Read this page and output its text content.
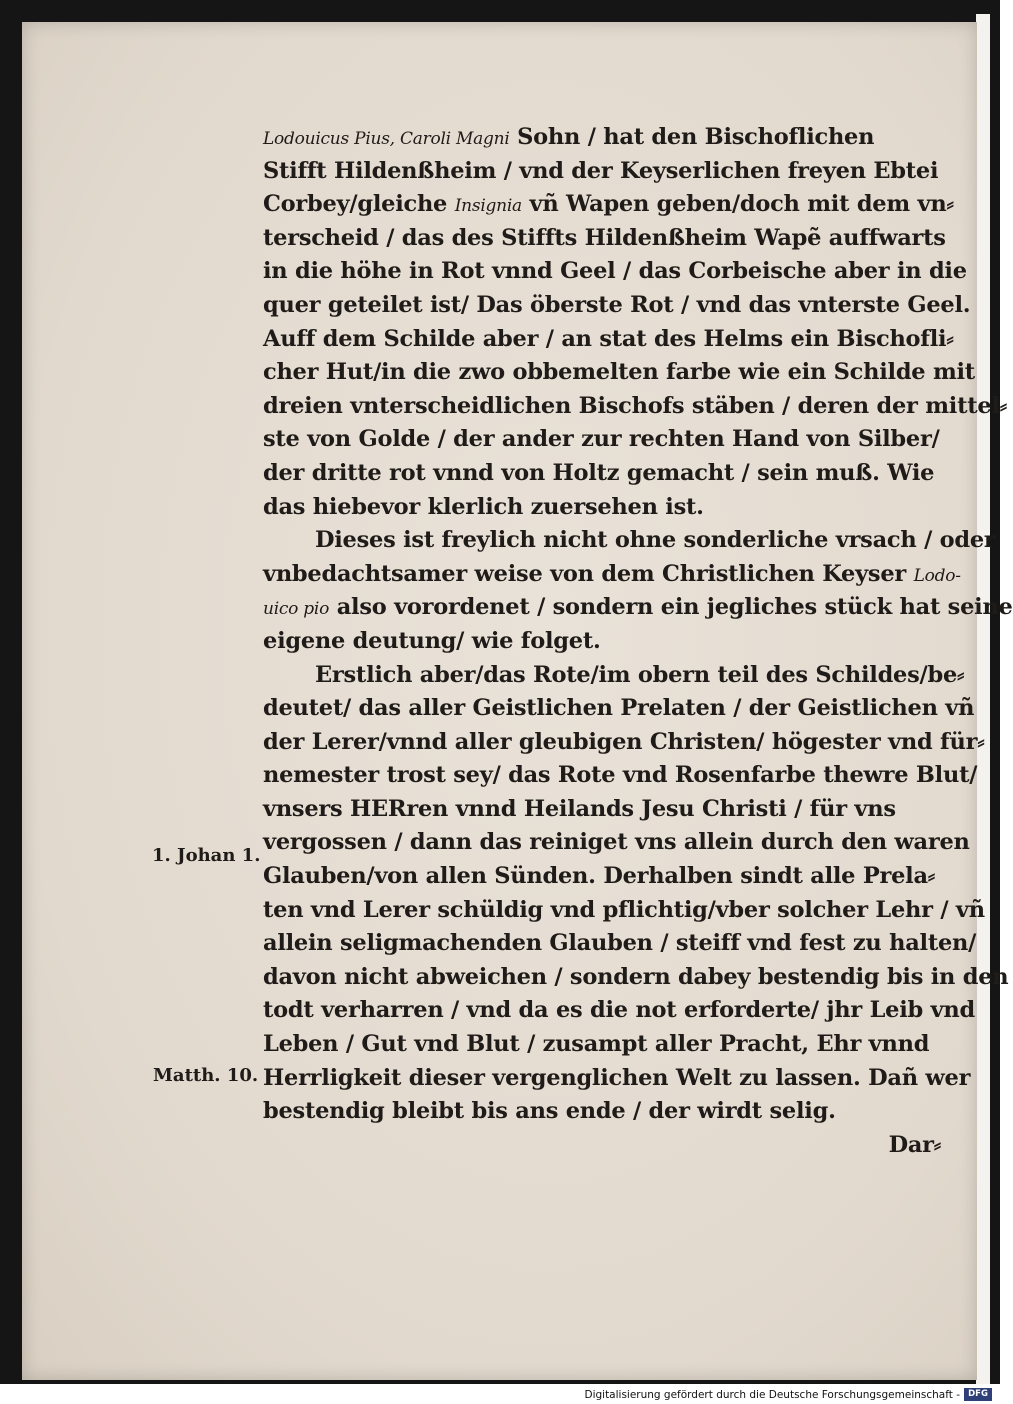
Lodouicus Pius, Caroli Magni Sohn / hat den Bischoflichen
Stifft Hildenßheim / vnd der Keyserlichen freyen Ebtei
Corbey/gleiche Insignia vñ Wapen geben/doch mit dem vn⸗
terscheid / das des Stiffts Hildenßheim Wapẽ auffwarts
in die höhe in Rot vnnd Geel / das Corbeische aber in die
quer geteilet ist/ Das öberste Rot / vnd das vnterste Geel.
Auff dem Schilde aber / an stat des Helms ein Bischofli⸗
cher Hut/in die zwo obbemelten farbe wie ein Schilde mit
dreien vnterscheidlichen Bischofs stäben / deren der mittel⸗
ste von Golde / der ander zur rechten Hand von Silber/
der dritte rot vnnd von Holtz gemacht / sein muß. Wie
das hiebevor klerlich zuersehen ist.
Dieses ist freylich nicht ohne sonderliche vrsach / oder
vnbedachtsamer weise von dem Christlichen Keyser Lodo-
uico pio also vorordenet / sondern ein jegliches stück hat seine
eigene deutung/ wie folget.
Erstlich aber/das Rote/im obern teil des Schildes/be⸗
deutet/ das aller Geistlichen Prelaten / der Geistlichen vñ
der Lerer/vnnd aller gleubigen Christen/ högester vnd für⸗
nemester trost sey/ das Rote vnd Rosenfarbe thewre Blut/
vnsers HERren vnnd Heilands Jesu Christi / für vns
vergossen / dann das reiniget vns allein durch den waren
Glauben/von allen Sünden. Derhalben sindt alle Prela⸗
ten vnd Lerer schüldig vnd pflichtig/vber solcher Lehr / vñ
allein seligmachenden Glauben / steiff vnd fest zu halten/
davon nicht abweichen / sondern dabey bestendig bis in den
todt verharren / vnd da es die not erforderte/ jhr Leib vnd
Leben / Gut vnd Blut / zusampt aller Pracht, Ehr vnnd
Herrligkeit dieser vergenglichen Welt zu lassen. Dañ wer
bestendig bleibt bis ans ende / der wirdt selig.
Dar⸗
1. Johan 1.
Matth. 10.
Digitalisierung gefördert durch die Deutsche Forschungsgemeinschaft - DFG
